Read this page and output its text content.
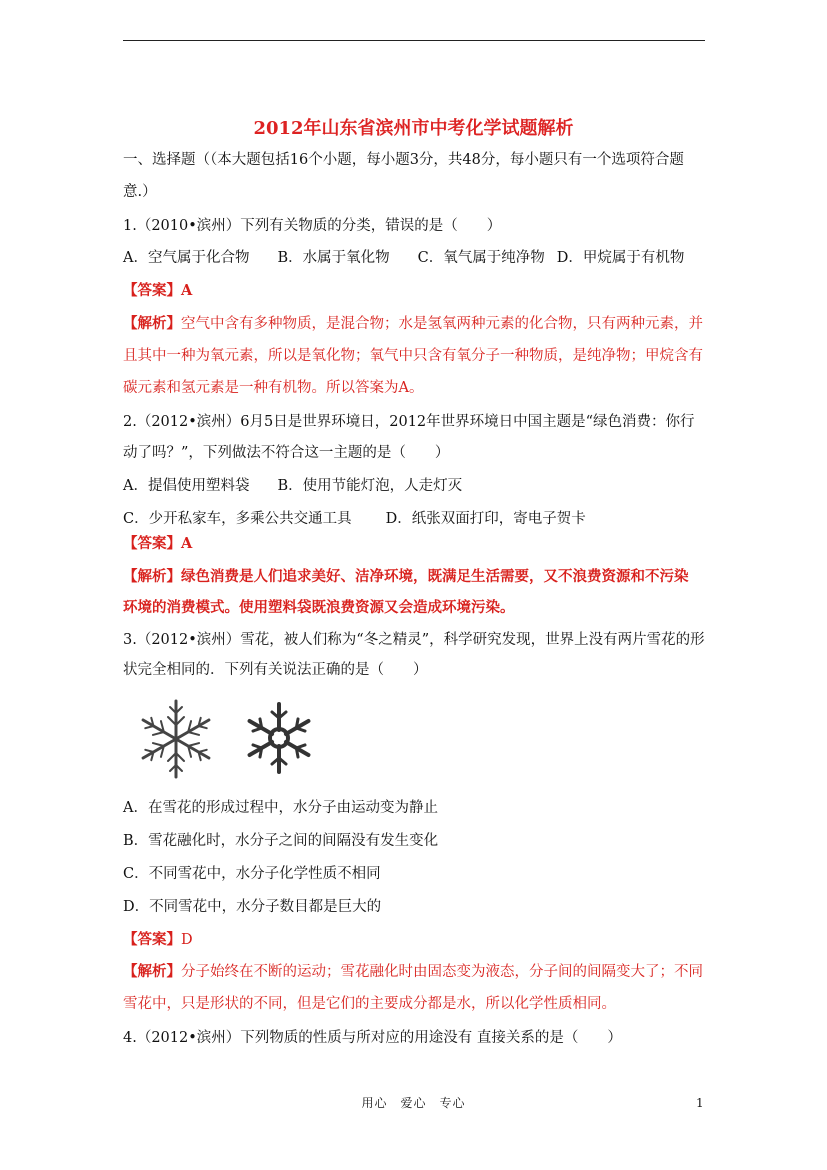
2012年山东省滨州市中考化学试题解析
一、选择题（（本大题包括16个小题，每小题3分，共48分，每小题只有一个选项符合题
意.）
1.（2010•滨州）下列有关物质的分类，错误的是（　　）
A．空气属于化合物 B．水属于氧化物 C．氧气属于纯净物 D．甲烷属于有机物
【答案】A
【解析】空气中含有多种物质，是混合物；水是氢氧两种元素的化合物，只有两种元素，并
且其中一种为氧元素，所以是氧化物；氧气中只含有氧分子一种物质，是纯净物；甲烷含有
碳元素和氢元素是一种有机物。所以答案为A。
2.（2012•滨州）6月5日是世界环境日，2012年世界环境日中国主题是“绿色消费：你行
动了吗？”，下列做法不符合这一主题的是（　　）
A．提倡使用塑料袋 B．使用节能灯泡，人走灯灭
C．少开私家车，多乘公共交通工具 D．纸张双面打印，寄电子贺卡
【答案】A
【解析】绿色消费是人们追求美好、洁净环境，既满足生活需要，又不浪费资源和不污染
环境的消费模式。使用塑料袋既浪费资源又会造成环境污染。
3.（2012•滨州）雪花，被人们称为“冬之精灵”，科学研究发现，世界上没有两片雪花的形
状完全相同的．下列有关说法正确的是（　　）
A．在雪花的形成过程中，水分子由运动变为静止
B．雪花融化时，水分子之间的间隔没有发生变化
C．不同雪花中，水分子化学性质不相同
D．不同雪花中，水分子数目都是巨大的
【答案】D
【解析】分子始终在不断的运动；雪花融化时由固态变为液态，分子间的间隔变大了；不同
雪花中，只是形状的不同，但是它们的主要成分都是水，所以化学性质相同。
4.（2012•滨州）下列物质的性质与所对应的用途没有 直接关系的是（　　）
用心　爱心　专心	1
